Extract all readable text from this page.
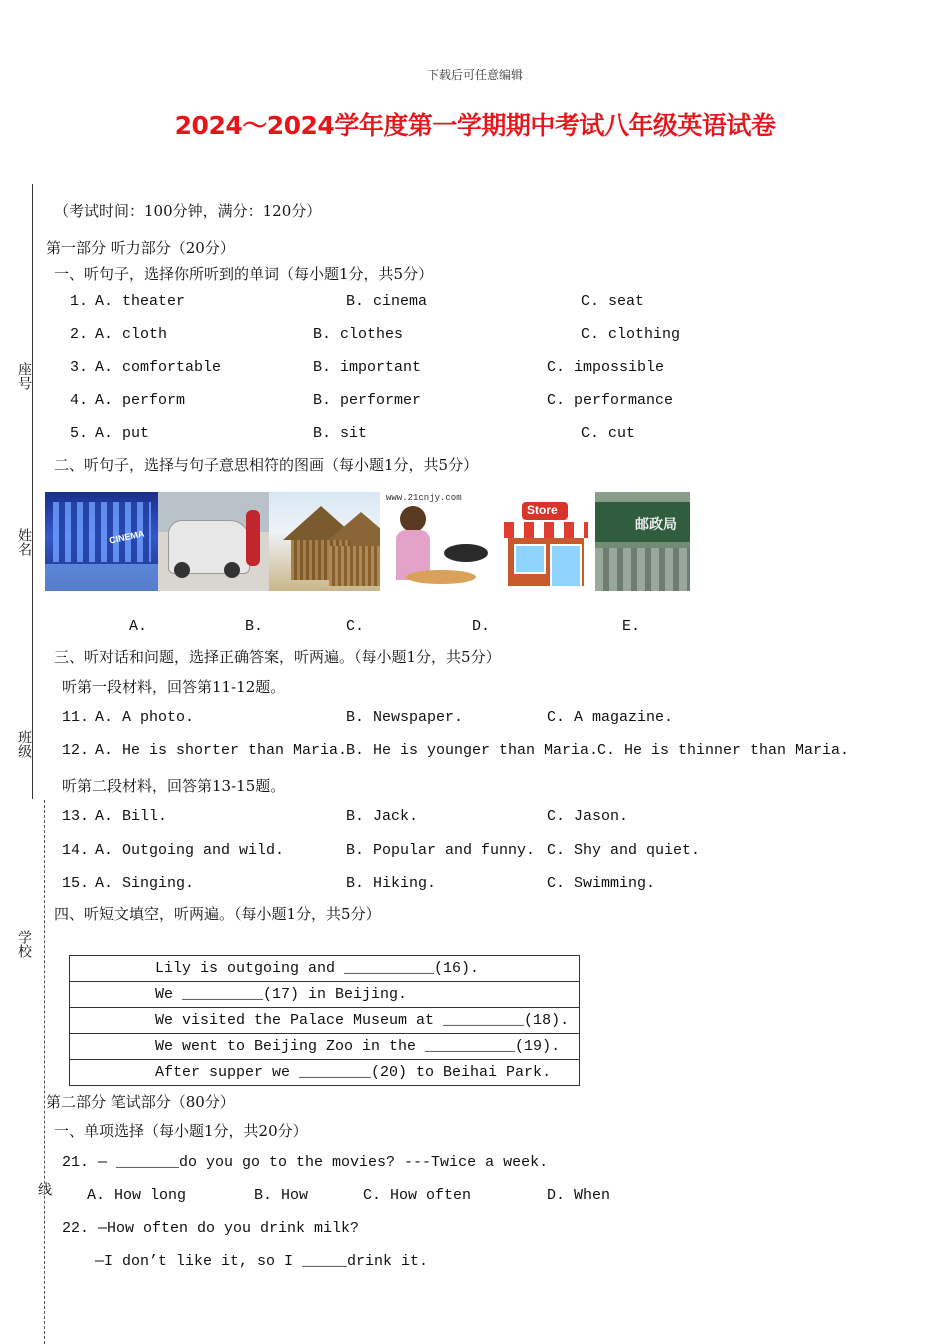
下载后可任意编辑
2024～2024学年度第一学期期中考试八年级英语试卷
座号
姓名
班级
学校
线
（考试时间：100分钟，满分：120分）
第一部分 听力部分（20分）
一、听句子，选择你所听到的单词（每小题1分，共5分）
1. A. theater	B. cinema	C. seat
2. A. cloth	B. clothes	C. clothing
3. A. comfortable	B. important	C. impossible
4. A. perform	B. performer	C. performance
5. A. put	B. sit	C. cut
二、听句子，选择与句子意思相符的图画（每小题1分，共5分）
CINEMA
www.21cnjy.com
Store
邮政局
A.	B.	C.	D.	E.
三、听对话和问题，选择正确答案，听两遍。（每小题1分，共5分）
听第一段材料，回答第11-12题。
11. A. A photo.	B. Newspaper.	C. A magazine.
12. A. He is shorter than Maria.
B. He is younger than Maria.
C. He is thinner than Maria.
听第二段材料，回答第13-15题。
13. A. Bill.	B. Jack.	C. Jason.
14. A. Outgoing and wild.	B. Popular and funny. C. Shy and quiet.
15. A. Singing.	B. Hiking.	C. Swimming.
四、听短文填空，听两遍。（每小题1分，共5分）
Lily is outgoing and __________(16).
We _________(17) in Beijing.
We visited the Palace Museum at _________(18).
We went to Beijing Zoo in the __________(19).
After supper we ________(20) to Beihai Park.
第二部分 笔试部分（80分）
一、单项选择（每小题1分，共20分）
21. — _______do you go to the movies? ---Twice a week.
A. How long	B. How	C. How often	D. When
22. —How often do you drink milk?
—I don’t like it, so I _____drink it.
